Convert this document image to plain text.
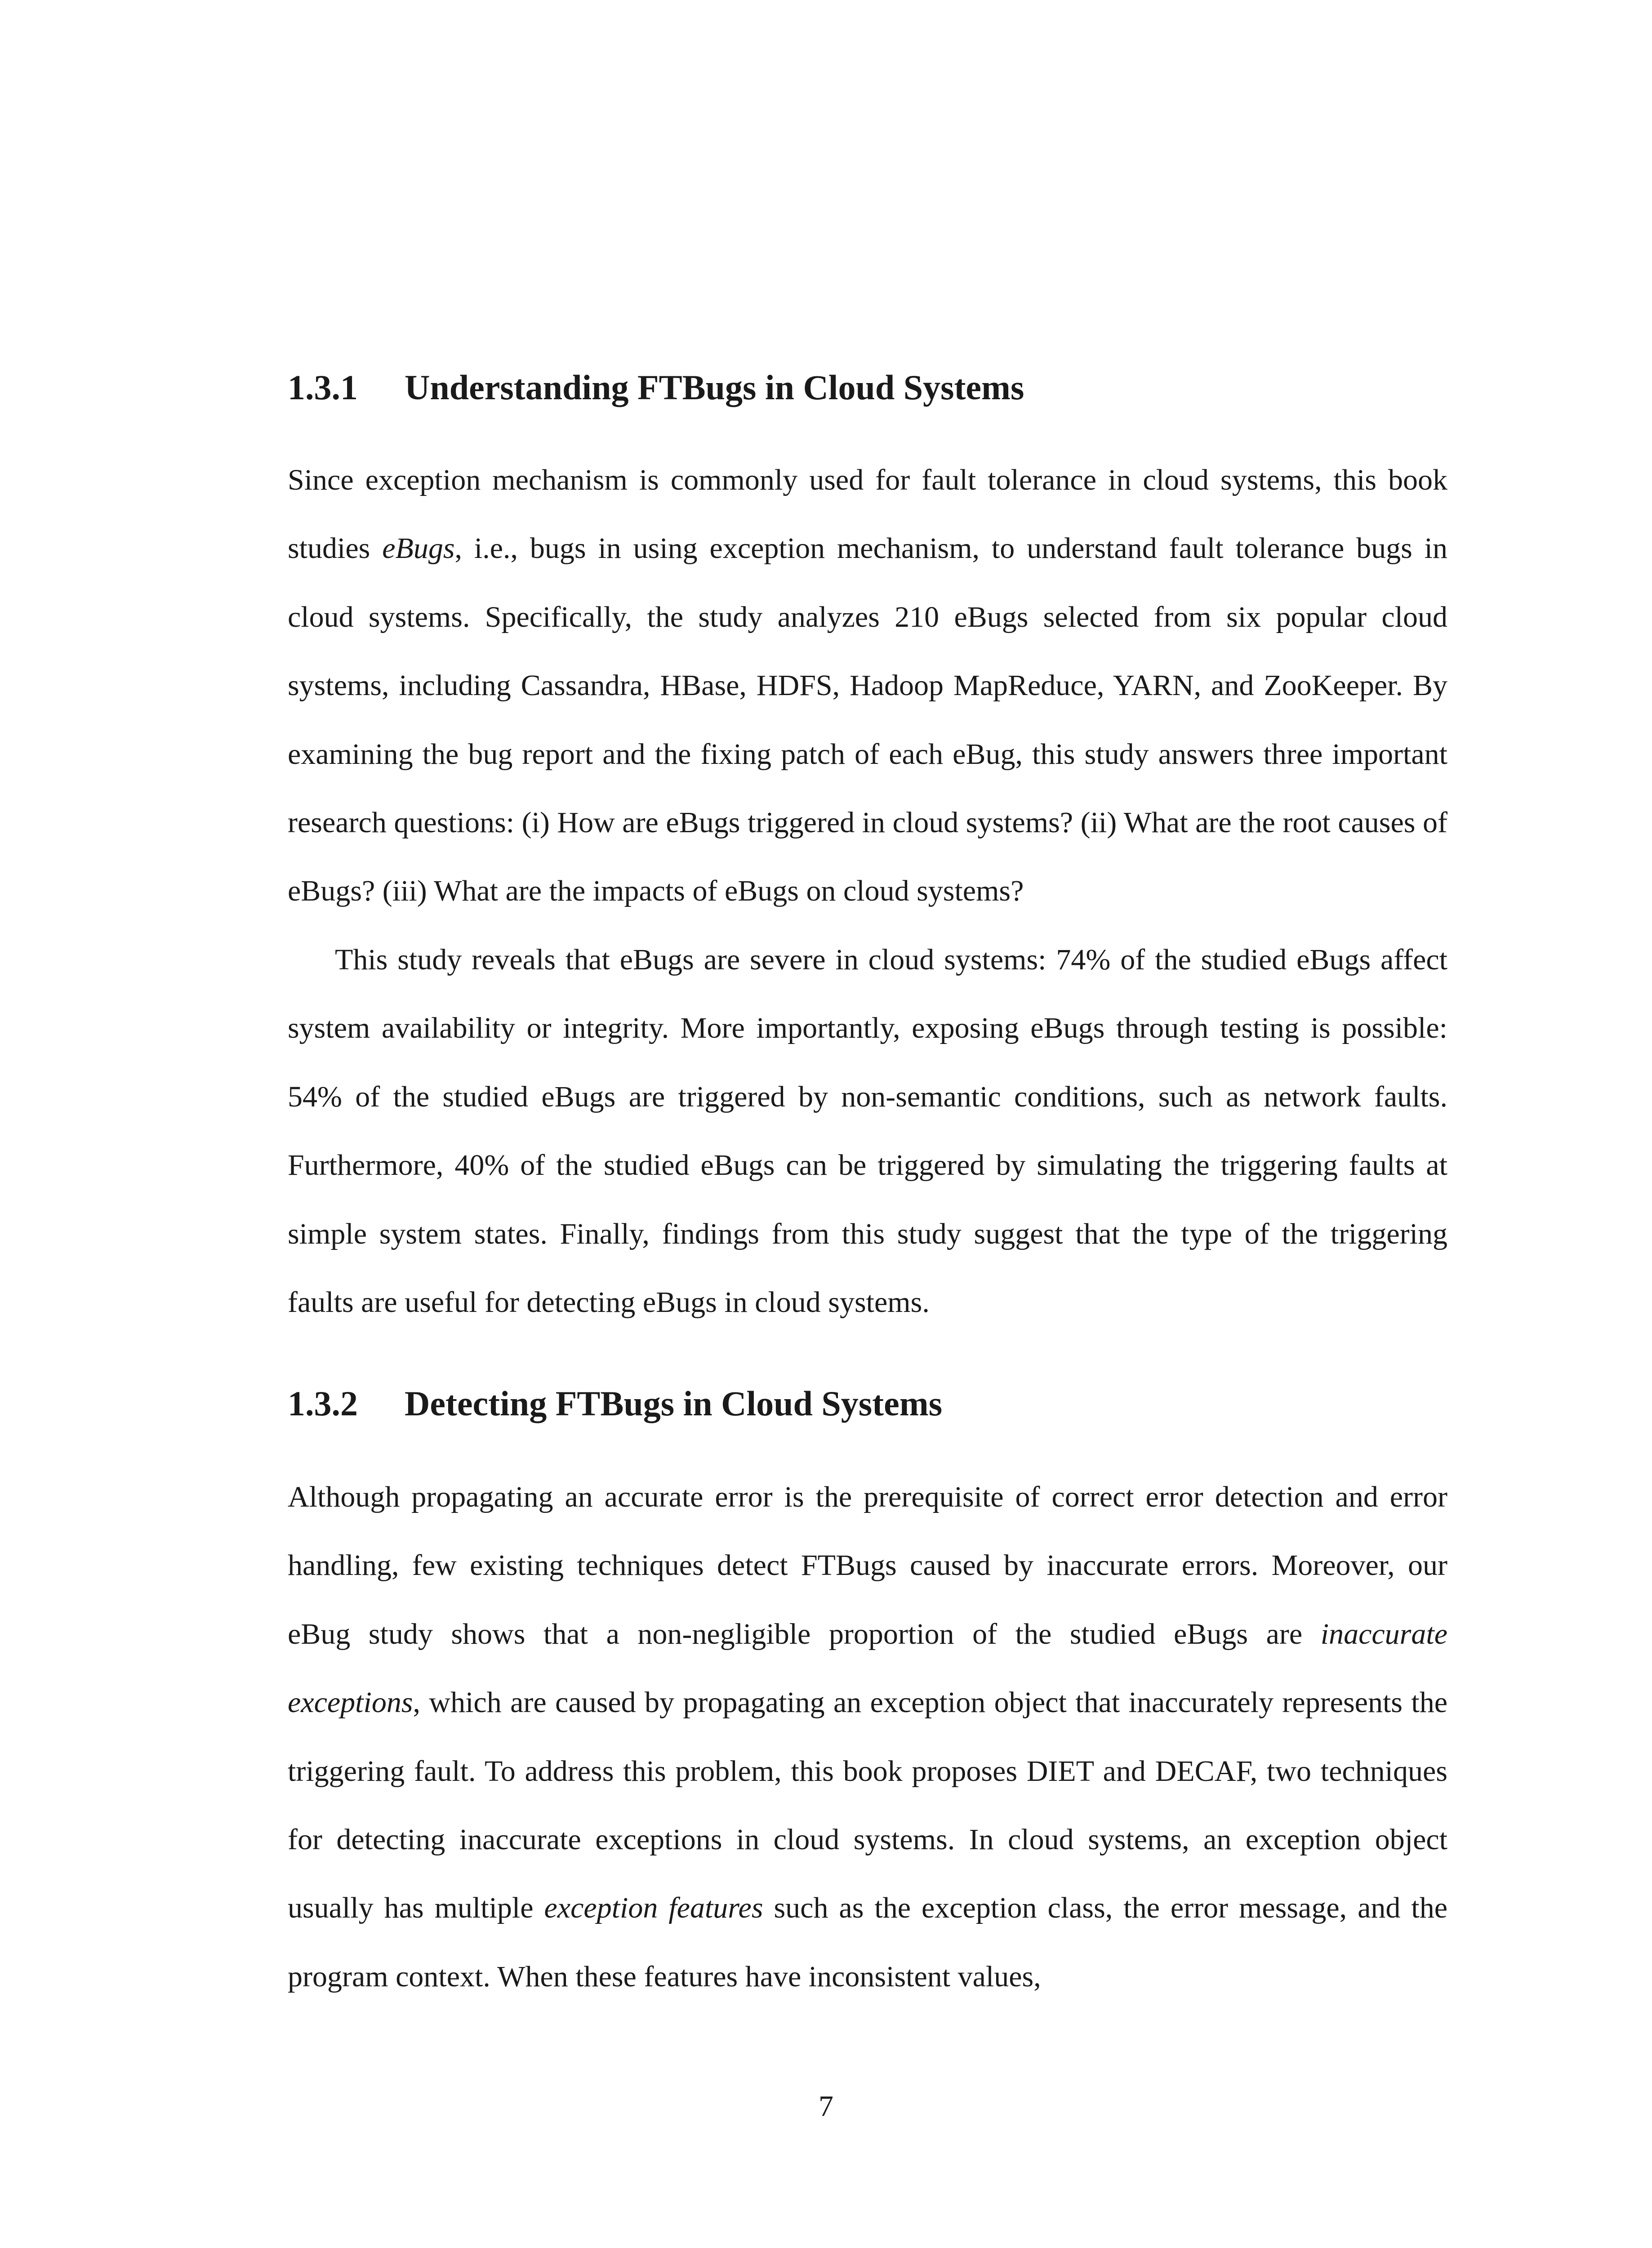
1.3.1 Understanding FTBugs in Cloud Systems

Since exception mechanism is commonly used for fault tolerance in cloud systems, this book studies eBugs, i.e., bugs in using exception mechanism, to understand fault tolerance bugs in cloud systems. Specifically, the study analyzes 210 eBugs selected from six popular cloud systems, including Cassandra, HBase, HDFS, Hadoop MapReduce, YARN, and ZooKeeper. By examining the bug report and the fixing patch of each eBug, this study answers three important research questions: (i) How are eBugs triggered in cloud systems? (ii) What are the root causes of eBugs? (iii) What are the impacts of eBugs on cloud systems?

This study reveals that eBugs are severe in cloud systems: 74% of the studied eBugs affect system availability or integrity. More importantly, exposing eBugs through testing is possible: 54% of the studied eBugs are triggered by non-semantic conditions, such as network faults. Furthermore, 40% of the studied eBugs can be triggered by simulating the triggering faults at simple system states. Finally, findings from this study suggest that the type of the triggering faults are useful for detecting eBugs in cloud systems.

1.3.2 Detecting FTBugs in Cloud Systems

Although propagating an accurate error is the prerequisite of correct error detection and error handling, few existing techniques detect FTBugs caused by inaccurate errors. Moreover, our eBug study shows that a non-negligible proportion of the studied eBugs are inaccurate exceptions, which are caused by propagating an exception object that inaccurately represents the triggering fault. To address this problem, this book proposes DIET and DECAF, two techniques for detecting inaccurate exceptions in cloud systems. In cloud systems, an exception object usually has multiple exception features such as the exception class, the error message, and the program context. When these features have inconsistent values,

7
